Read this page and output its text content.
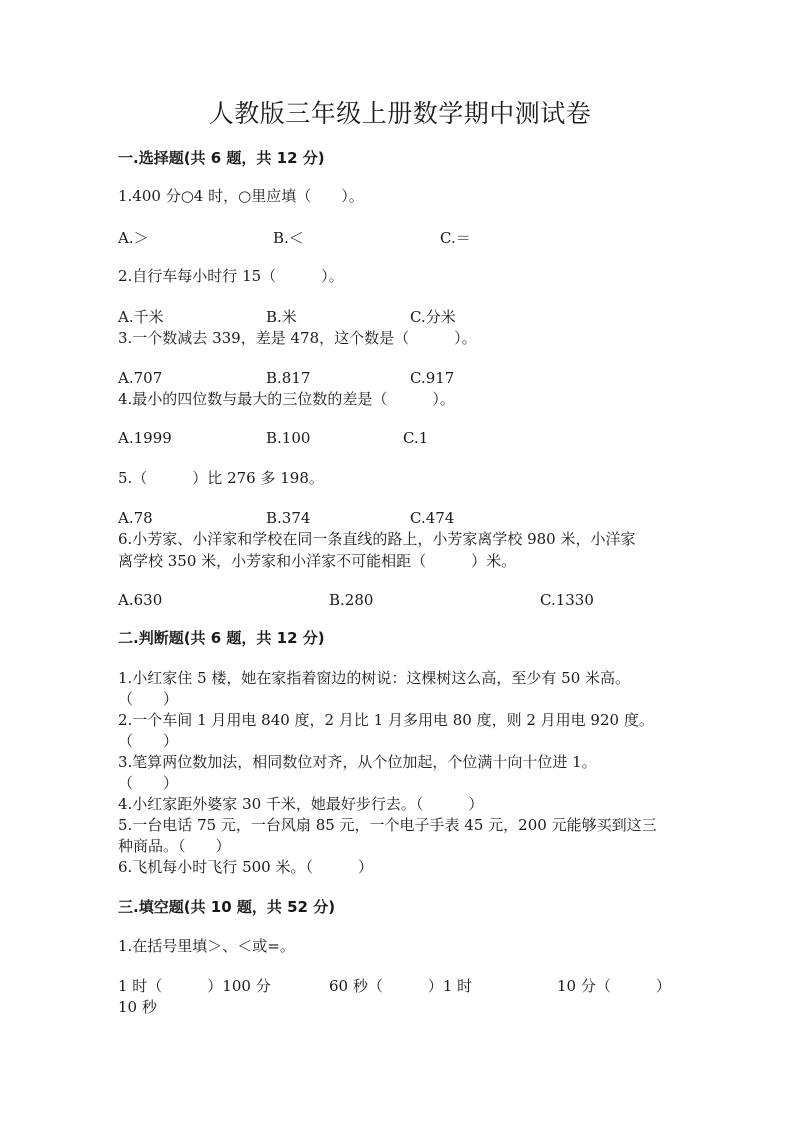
人教版三年级上册数学期中测试卷
一.选择题(共 6 题，共 12 分)
1.400 分○4 时，○里应填（　　）。
A.＞	B.＜	C.＝
2.自行车每小时行 15（　　　）。
A.千米	B.米	C.分米
3.一个数减去 339，差是 478，这个数是（　　　）。
A.707	B.817	C.917
4.最小的四位数与最大的三位数的差是（　　　）。
A.1999	B.100	C.1
5.（　　　）比 276 多 198。
A.78	B.374	C.474
6.小芳家、小洋家和学校在同一条直线的路上，小芳家离学校 980 米，小洋家
离学校 350 米，小芳家和小洋家不可能相距（　　　）米。
A.630	B.280	C.1330
二.判断题(共 6 题，共 12 分)
1.小红家住 5 楼，她在家指着窗边的树说：这棵树这么高，至少有 50 米高。
（　　）
2.一个车间 1 月用电 840 度，2 月比 1 月多用电 80 度，则 2 月用电 920 度。
（　　）
3.笔算两位数加法，相同数位对齐，从个位加起，个位满十向十位进 1。
（　　）
4.小红家距外婆家 30 千米，她最好步行去。（　　　）
5.一台电话 75 元，一台风扇 85 元，一个电子手表 45 元，200 元能够买到这三
种商品。（　　）
6.飞机每小时飞行 500 米。（　　　）
三.填空题(共 10 题，共 52 分)
1.在括号里填＞、＜或=。
1 时（　　　）100 分	60 秒（　　　）1 时	10 分（　　　）
10 秒
